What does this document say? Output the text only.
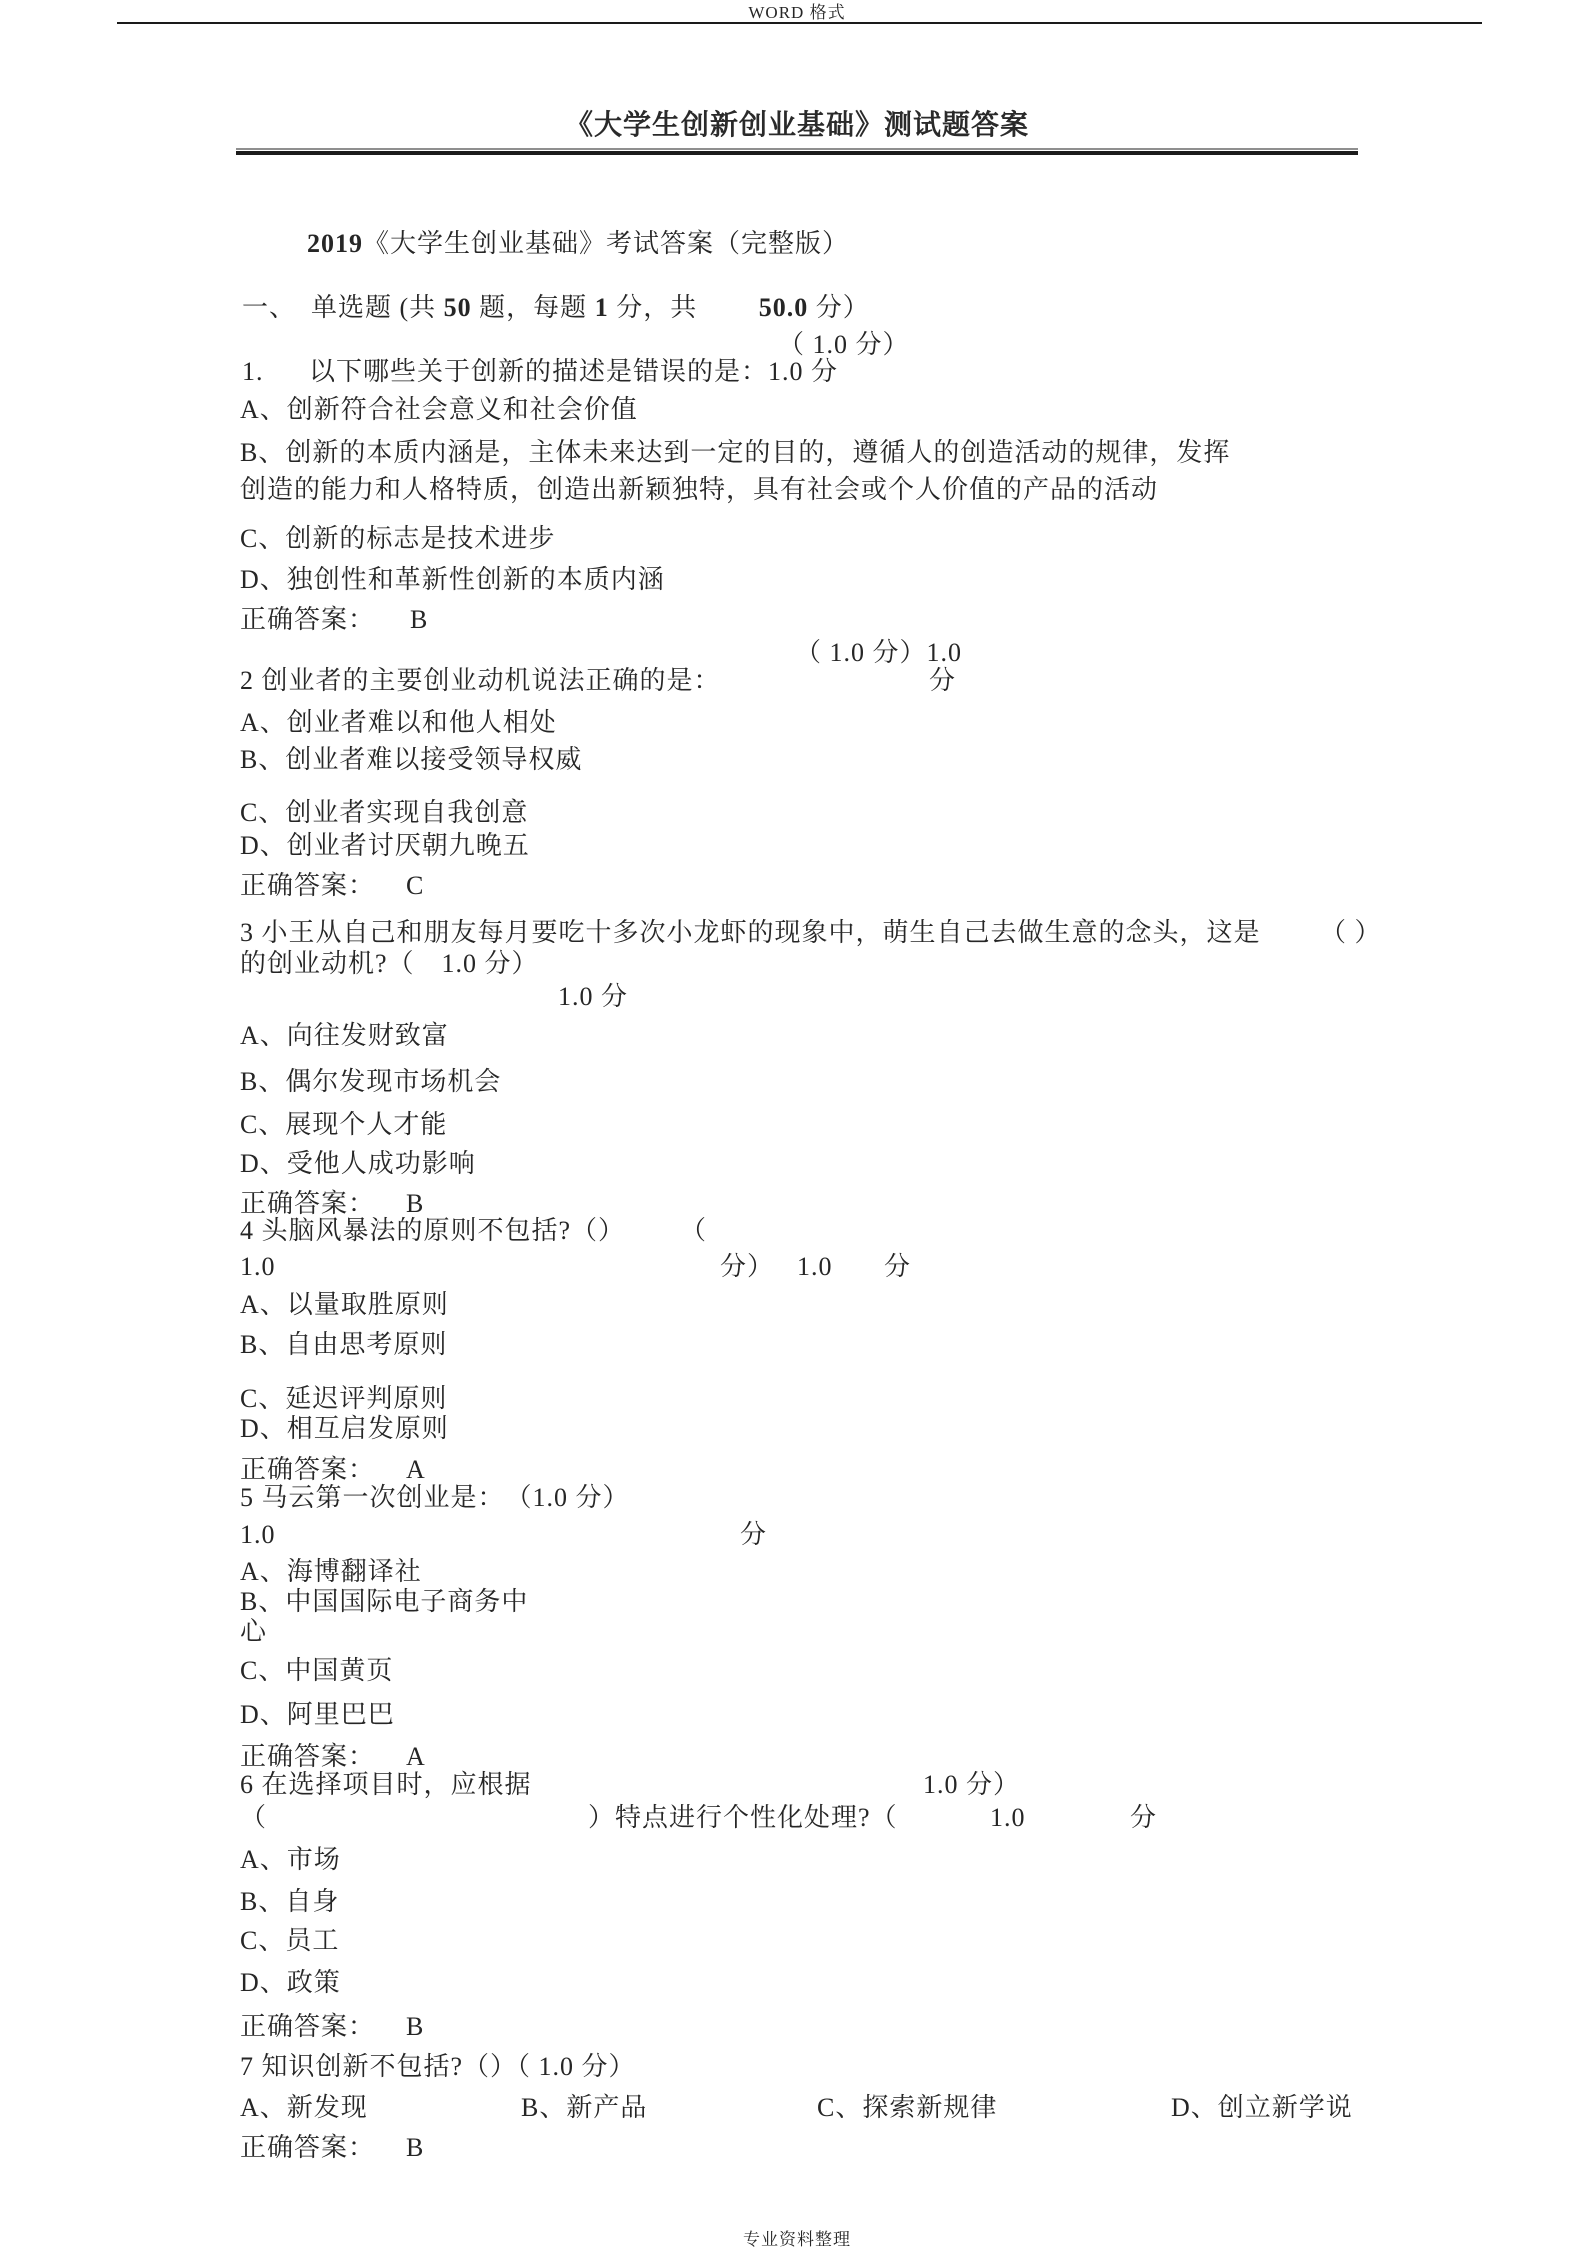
WORD 格式
《大学生创新创业基础》测试题答案
2019《大学生创业基础》考试答案（完整版）
一、 单选题 (共 50 题，每题 1 分，共　　 50.0 分）
（ 1.0 分）
1. 以下哪些关于创新的描述是错误的是：1.0 分
A、创新符合社会意义和社会价值
B、创新的本质内涵是，主体未来达到一定的目的，遵循人的创造活动的规律，发挥
创造的能力和人格特质，创造出新颖独特，具有社会或个人价值的产品的活动
C、创新的标志是技术进步
D、独创性和革新性创新的本质内涵
正确答案： B
（ 1.0 分）1.0
2 创业者的主要创业动机说法正确的是：	分
A、创业者难以和他人相处
B、创业者难以接受领导权威
C、创业者实现自我创意
D、创业者讨厌朝九晚五
正确答案： C
3 小王从自己和朋友每月要吃十多次小龙虾的现象中，萌生自己去做生意的念头，这是 （ ）
的创业动机?（　1.0 分）
1.0 分
A、向往发财致富
B、偶尔发现市场机会
C、展现个人才能
D、受他人成功影响
正确答案： B
4 头脑风暴法的原则不包括?（） （
1.0	分） 1.0 分
A、以量取胜原则
B、自由思考原则
C、延迟评判原则
D、相互启发原则
正确答案： A
5 马云第一次创业是：　（1.0 分）
1.0	分
A、海博翻译社
B、中国国际电子商务中
心
C、中国黄页
D、阿里巴巴
正确答案： A
6 在选择项目时，应根据	1.0 分）
（	）特点进行个性化处理?（	1.0	分
A、市场
B、自身
C、员工
D、政策
正确答案： B
7 知识创新不包括?（）（ 1.0 分）
A、新发现	B、新产品	C、探索新规律	D、创立新学说
正确答案： B
专业资料整理
